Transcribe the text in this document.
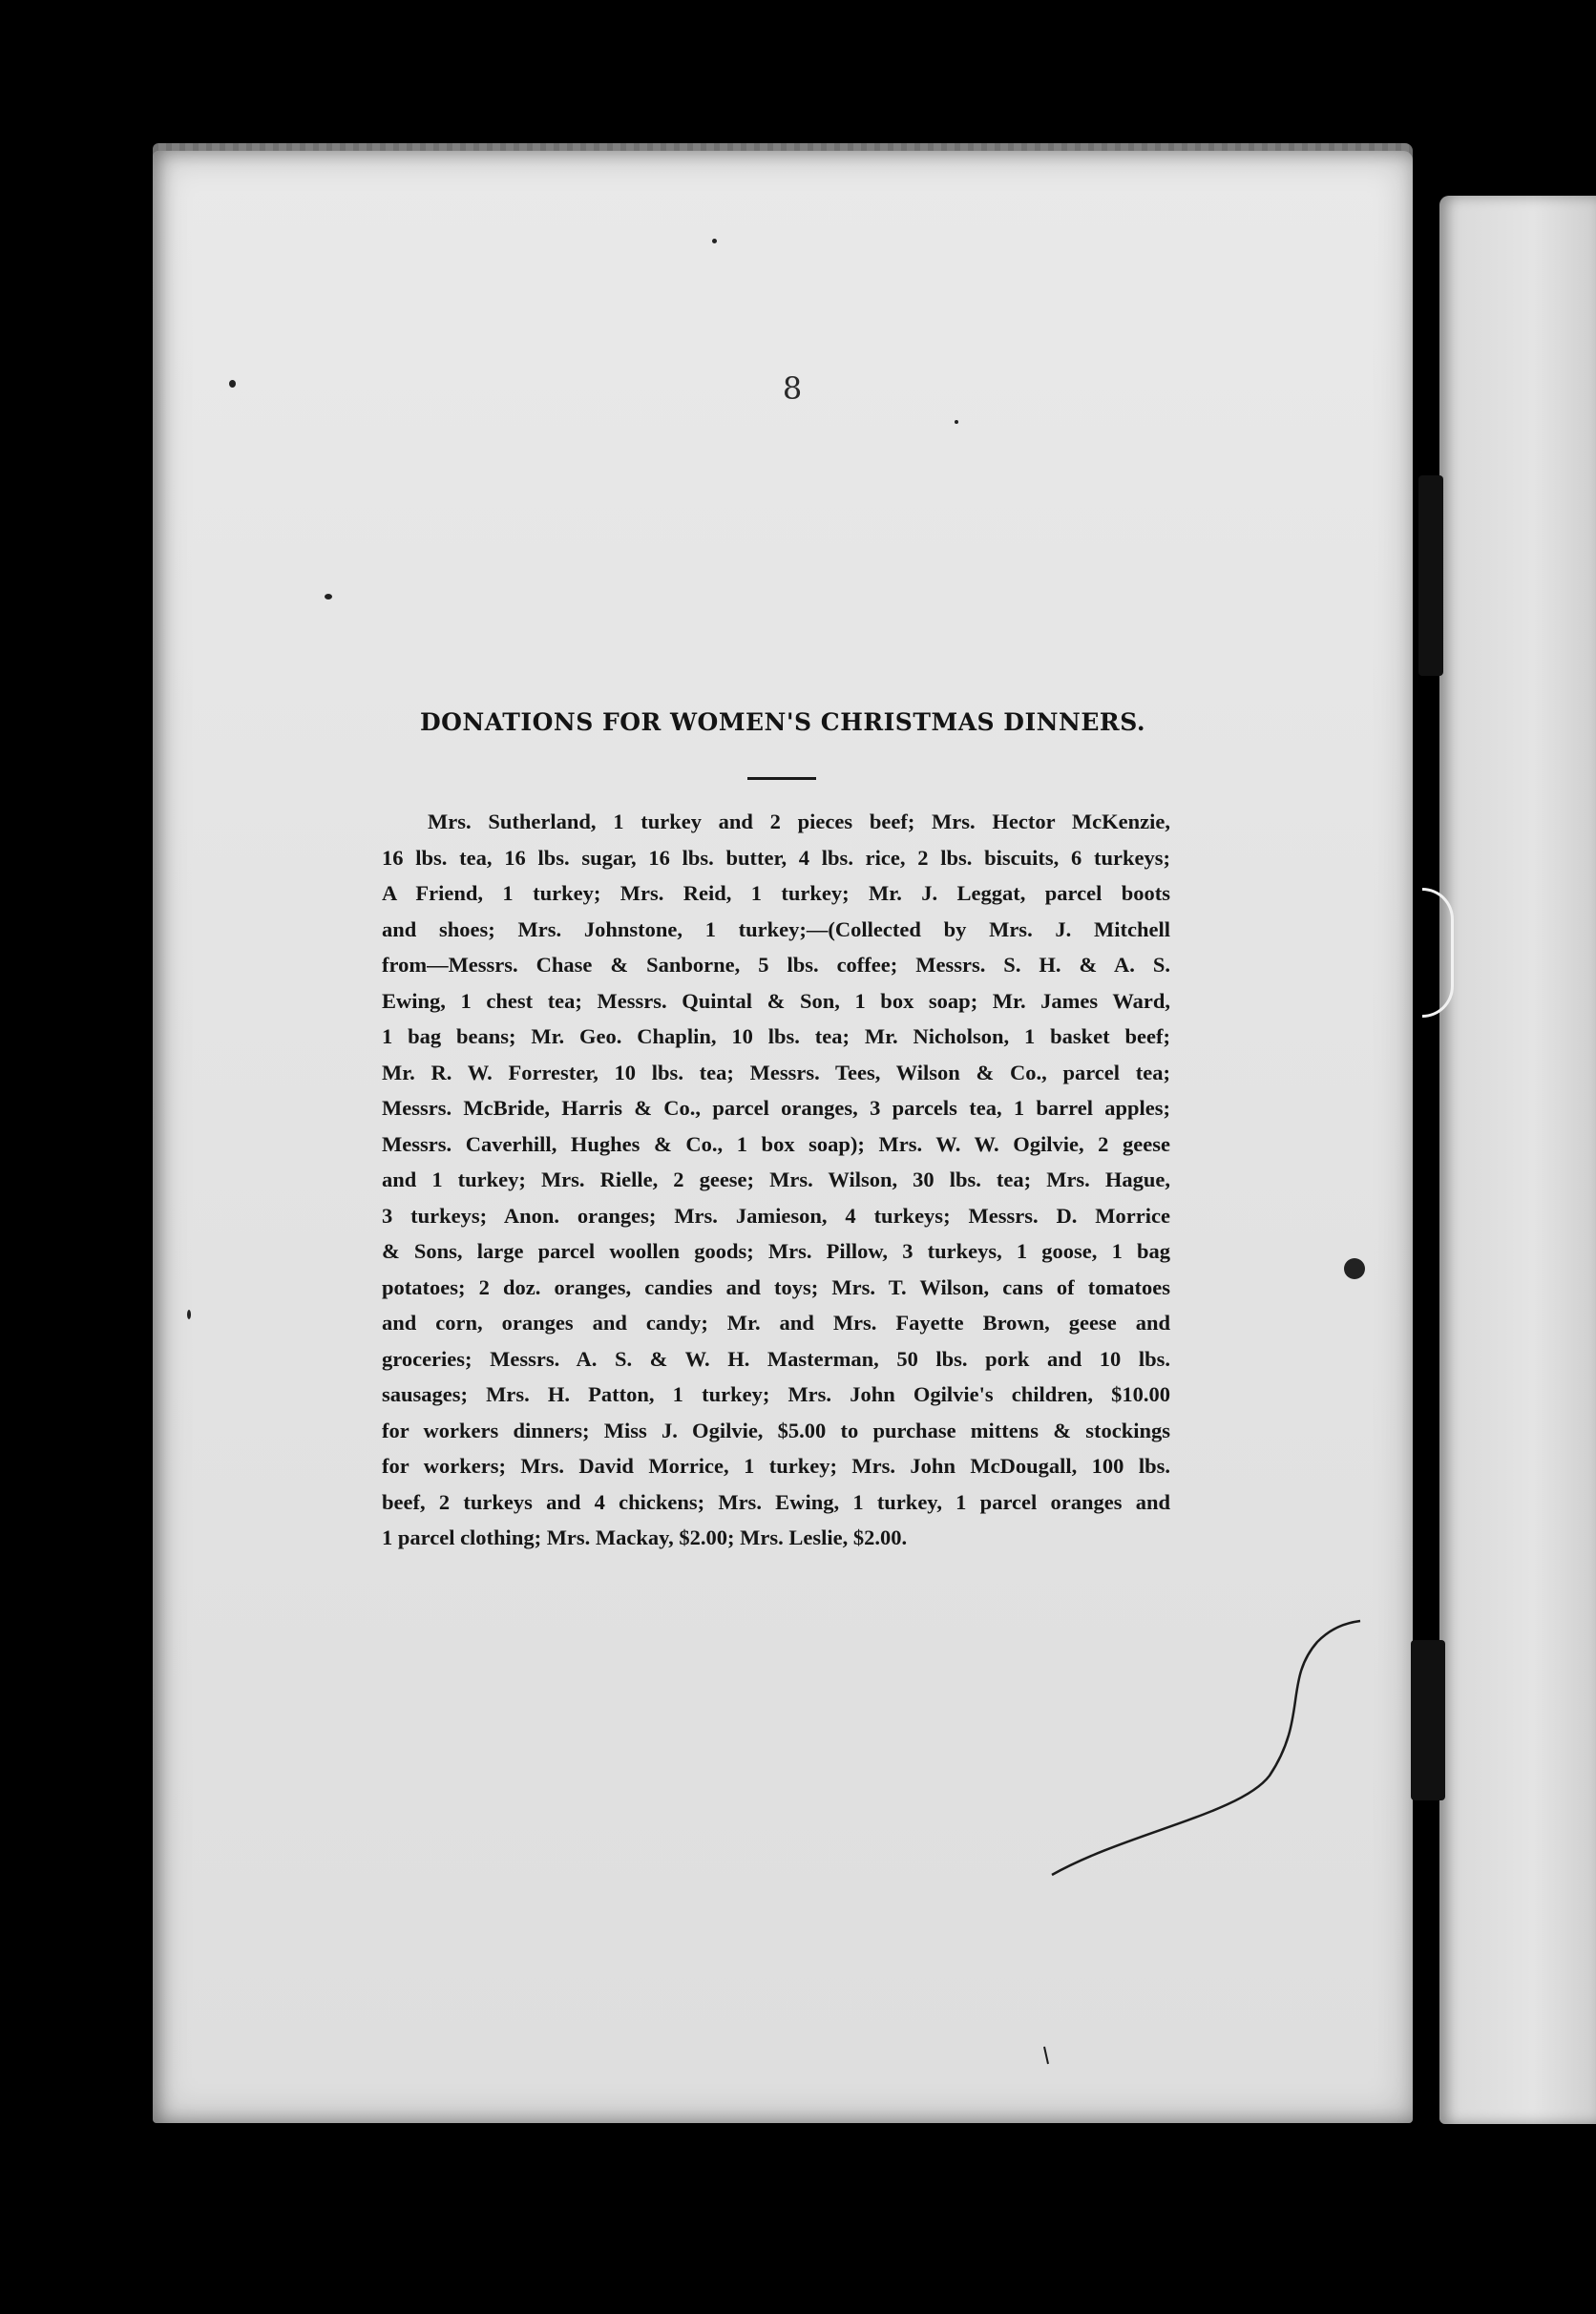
8
DONATIONS FOR WOMEN'S CHRISTMAS DINNERS.
Mrs. Sutherland, 1 turkey and 2 pieces beef; Mrs. Hector McKenzie,
16 lbs. tea, 16 lbs. sugar, 16 lbs. butter, 4 lbs. rice, 2 lbs. biscuits, 6 turkeys;
A Friend, 1 turkey; Mrs. Reid, 1 turkey; Mr. J. Leggat, parcel boots
and shoes; Mrs. Johnstone, 1 turkey;—(Collected by Mrs. J. Mitchell
from—Messrs. Chase & Sanborne, 5 lbs. coffee; Messrs. S. H. & A. S.
Ewing, 1 chest tea; Messrs. Quintal & Son, 1 box soap; Mr. James Ward,
1 bag beans; Mr. Geo. Chaplin, 10 lbs. tea; Mr. Nicholson, 1 basket beef;
Mr. R. W. Forrester, 10 lbs. tea; Messrs. Tees, Wilson & Co., parcel tea;
Messrs. McBride, Harris & Co., parcel oranges, 3 parcels tea, 1 barrel apples;
Messrs. Caverhill, Hughes & Co., 1 box soap); Mrs. W. W. Ogilvie, 2 geese
and 1 turkey; Mrs. Rielle, 2 geese; Mrs. Wilson, 30 lbs. tea; Mrs. Hague,
3 turkeys; Anon. oranges; Mrs. Jamieson, 4 turkeys; Messrs. D. Morrice
& Sons, large parcel woollen goods; Mrs. Pillow, 3 turkeys, 1 goose, 1 bag
potatoes; 2 doz. oranges, candies and toys; Mrs. T. Wilson, cans of tomatoes
and corn, oranges and candy; Mr. and Mrs. Fayette Brown, geese and
groceries; Messrs. A. S. & W. H. Masterman, 50 lbs. pork and 10 lbs.
sausages; Mrs. H. Patton, 1 turkey; Mrs. John Ogilvie's children, $10.00
for workers dinners; Miss J. Ogilvie, $5.00 to purchase mittens & stockings
for workers; Mrs. David Morrice, 1 turkey; Mrs. John McDougall, 100 lbs.
beef, 2 turkeys and 4 chickens; Mrs. Ewing, 1 turkey, 1 parcel oranges and
1 parcel clothing; Mrs. Mackay, $2.00; Mrs. Leslie, $2.00.
